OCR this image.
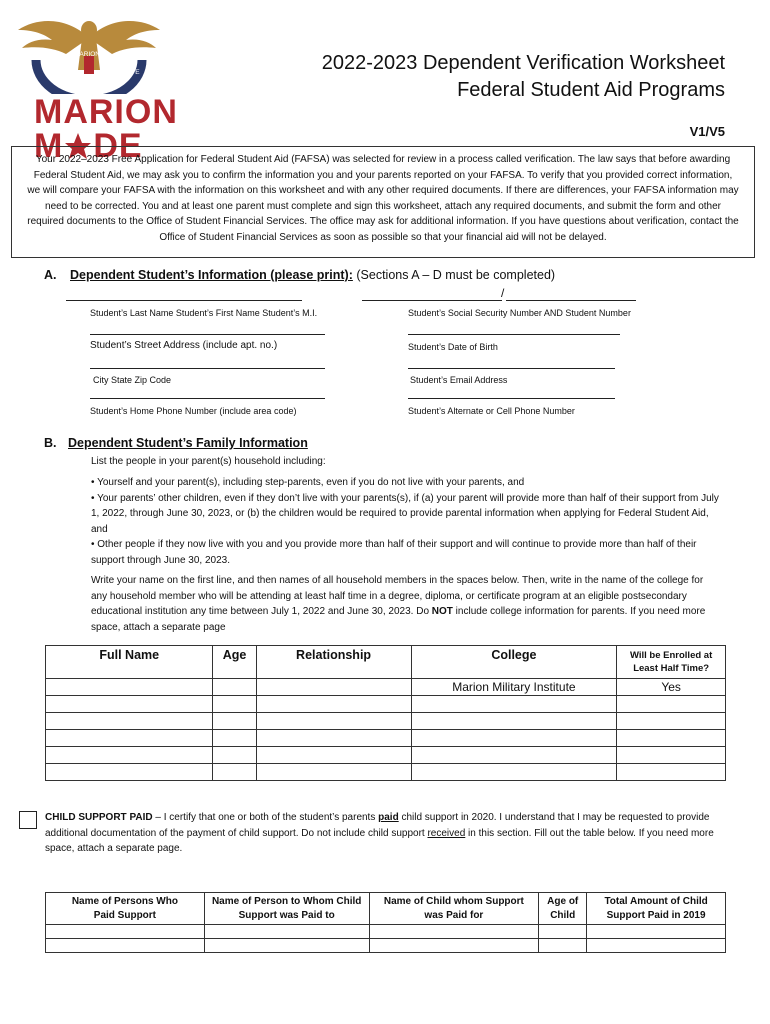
MILITARY
MARION
INSTITUTE
MARION
M DE
2022-2023 Dependent Verification Worksheet
Federal Student Aid Programs
V1/V5
Your 2022–2023 Free Application for Federal Student Aid (FAFSA) was selected for review in a process called verification. The law says that before awarding Federal Student Aid, we may ask you to confirm the information you and your parents reported on your FAFSA. To verify that you provided correct information, we will compare your FAFSA with the information on this worksheet and with any other required documents. If there are differences, your FAFSA information may need to be corrected. You and at least one parent must complete and sign this worksheet, attach any required documents, and submit the form and other required documents to the Office of Student Financial Services. The office may ask for additional information. If you have questions about verification, contact the Office of Student Financial Services as soon as possible so that your financial aid will not be delayed.
A. Dependent Student’s Information (please print): (Sections A – D must be completed)
/
Student’s Last Name Student’s First Name Student’s M.I.	Student’s Social Security Number AND Student Number
Student’s Street Address (include apt. no.)	Student’s Date of Birth
City State Zip Code	Student’s Email Address
Student’s Home Phone Number (include area code)	Student’s Alternate or Cell Phone Number
B. Dependent Student’s Family Information
List the people in your parent(s) household including:
• Yourself and your parent(s), including step-parents, even if you do not live with your parents, and
• Your parents’ other children, even if they don’t live with your parents(s), if (a) your parent will provide more than half of their support from July 1, 2022, through June 30, 2023, or (b) the children would be required to provide parental information when applying for Federal Student Aid, and
• Other people if they now live with you and you provide more than half of their support and will continue to provide more than half of their support through June 30, 2023.
Write your name on the first line, and then names of all household members in the spaces below. Then, write in the name of the college for any household member who will be attending at least half time in a degree, diploma, or certificate program at an eligible postsecondary educational institution any time between July 1, 2022 and June 30, 2023. Do NOT include college information for parents. If you need more space, attach a separate page
Full Name	Age	Relationship	College	Will be Enrolled at Least Half Time?
			Marion Military Institute	Yes

CHILD SUPPORT PAID – I certify that one or both of the student’s parents paid child support in 2020. I understand that I may be requested to provide additional documentation of the payment of child support. Do not include child support received in this section. Fill out the table below. If you need more space, attach a separate page.
Name of Persons Who Paid Support	Name of Person to Whom Child Support was Paid to	Name of Child whom Support was Paid for	Age of Child	Total Amount of Child Support Paid in 2019
